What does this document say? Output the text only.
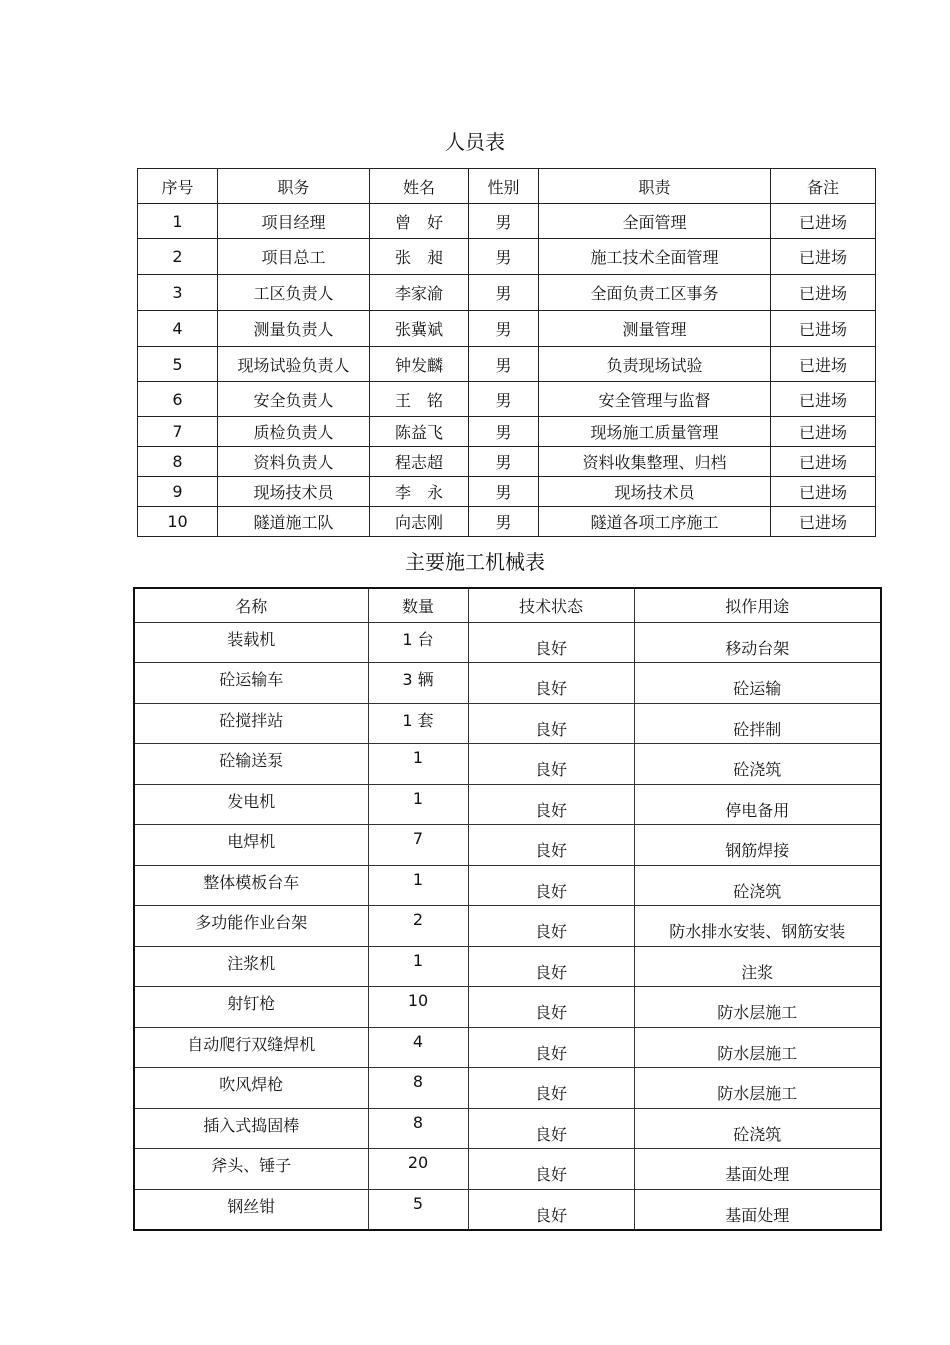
人员表
序号	职务	姓名	性别	职责	备注
1	项目经理	曾　好	男	全面管理	已进场
2	项目总工	张　昶	男	施工技术全面管理	已进场
3	工区负责人	李家渝	男	全面负责工区事务	已进场
4	测量负责人	张冀斌	男	测量管理	已进场
5	现场试验负责人	钟发麟	男	负责现场试验	已进场
6	安全负责人	王　铭	男	安全管理与监督	已进场
7	质检负责人	陈益飞	男	现场施工质量管理	已进场
8	资料负责人	程志超	男	资料收集整理、归档	已进场
9	现场技术员	李　永	男	现场技术员	已进场
10	隧道施工队	向志刚	男	隧道各项工序施工	已进场
主要施工机械表
名称	数量	技术状态	拟作用途
装载机	1 台	良好	移动台架
砼运输车	3 辆	良好	砼运输
砼搅拌站	1 套	良好	砼拌制
砼输送泵	1	良好	砼浇筑
发电机	1	良好	停电备用
电焊机	7	良好	钢筋焊接
整体模板台车	1	良好	砼浇筑
多功能作业台架	2	良好	防水排水安装、钢筋安装
注浆机	1	良好	注浆
射钉枪	10	良好	防水层施工
自动爬行双缝焊机	4	良好	防水层施工
吹风焊枪	8	良好	防水层施工
插入式捣固棒	8	良好	砼浇筑
斧头、锤子	20	良好	基面处理
钢丝钳	5	良好	基面处理
